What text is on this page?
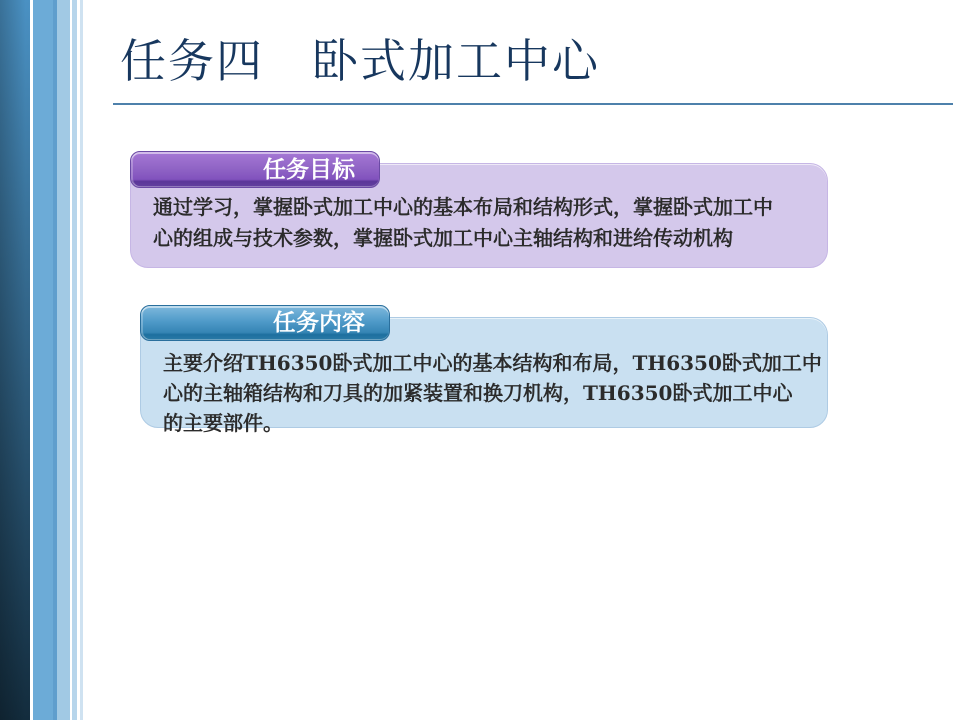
任务四　卧式加工中心

通过学习，掌握卧式加工中心的基本布局和结构形式，掌握卧式加工中

心的组成与技术参数，掌握卧式加工中心主轴结构和进给传动机构

任务目标

主要介绍TH6350卧式加工中心的基本结构和布局，TH6350卧式加工中

心的主轴箱结构和刀具的加紧装置和换刀机构，TH6350卧式加工中心

的主要部件。

任务内容
